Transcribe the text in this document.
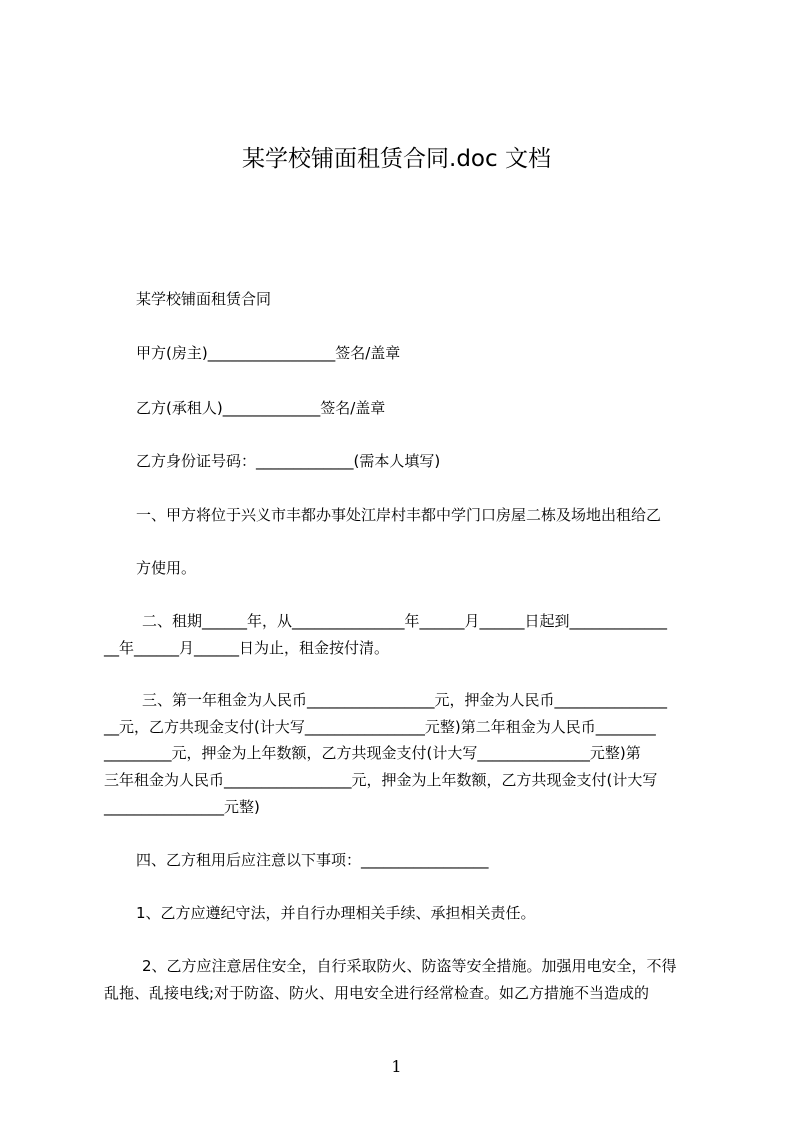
某学校铺面租赁合同.doc 文档
某学校铺面租赁合同
甲方(房主)_________________签名/盖章
乙方(承租人)_____________签名/盖章
乙方身份证号码：_____________(需本人填写)
一、甲方将位于兴义市丰都办事处江岸村丰都中学门口房屋二栋及场地出租给乙
方使用。
二、租期______年，从_______________年______月______日起到_____________
__年______月______日为止，租金按付清。
三、第一年租金为人民币_________________元，押金为人民币_______________
__元，乙方共现金支付(计大写________________元整)第二年租金为人民币________
_________元，押金为上年数额，乙方共现金支付(计大写_______________元整)第
三年租金为人民币_________________元，押金为上年数额，乙方共现金支付(计大写
________________元整)
四、乙方租用后应注意以下事项：_________________
1、乙方应遵纪守法，并自行办理相关手续、承担相关责任。
2、乙方应注意居住安全，自行采取防火、防盗等安全措施。加强用电安全，不得
乱拖、乱接电线;对于防盗、防火、用电安全进行经常检查。如乙方措施不当造成的
1
